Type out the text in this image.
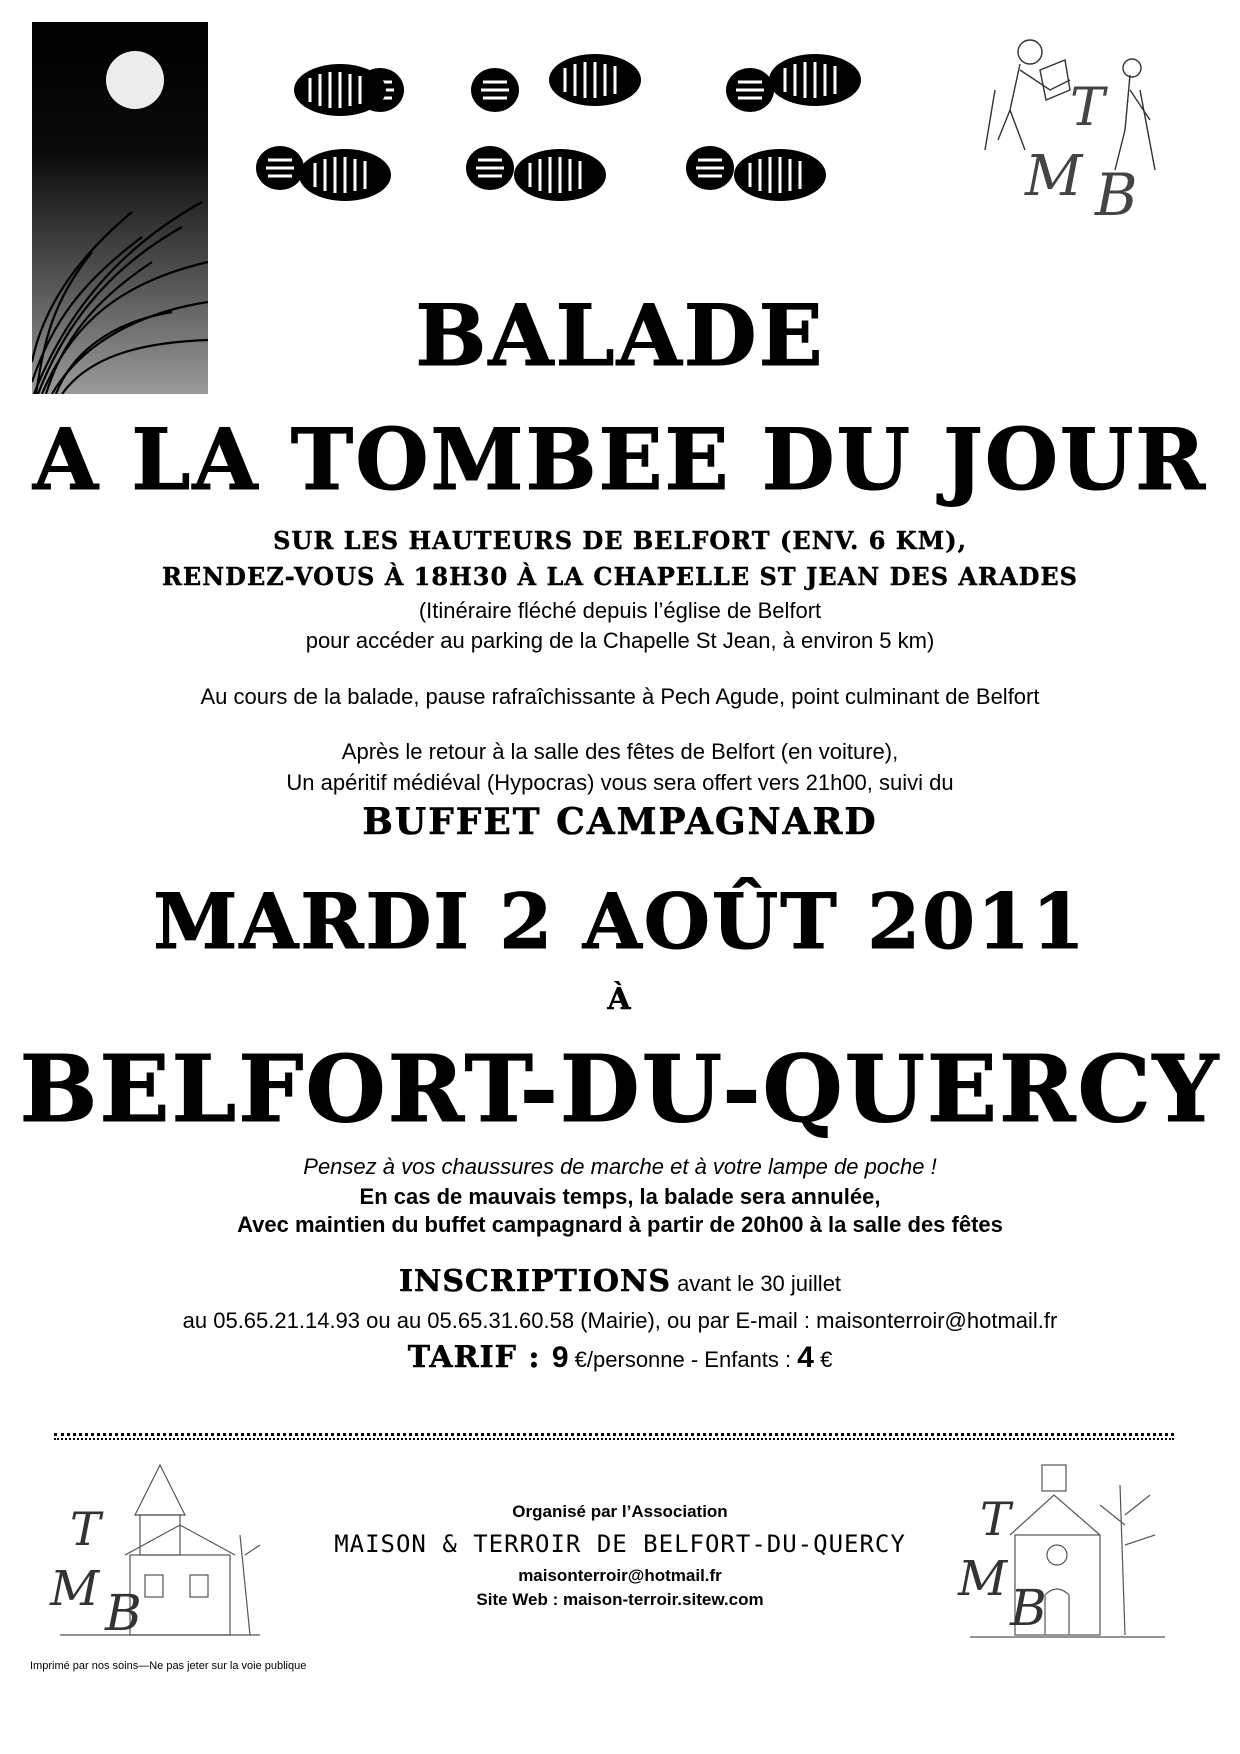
T
M B
BALADE
A LA TOMBEE DU JOUR
SUR LES HAUTEURS DE BELFORT (ENV. 6 KM),
RENDEZ-VOUS À 18H30 À LA CHAPELLE ST JEAN DES ARADES
(Itinéraire fléché depuis l’église de Belfort
pour accéder au parking de la Chapelle St Jean, à environ 5 km)
Au cours de la balade, pause rafraîchissante à Pech Agude, point culminant de Belfort
Après le retour à la salle des fêtes de Belfort (en voiture),
Un apéritif médiéval (Hypocras) vous sera offert vers 21h00, suivi du
BUFFET CAMPAGNARD
MARDI 2 AOÛT 2011
À
BELFORT-DU-QUERCY
Pensez à vos chaussures de marche et à votre lampe de poche !
En cas de mauvais temps, la balade sera annulée,
Avec maintien du buffet campagnard à partir de 20h00 à la salle des fêtes
INSCRIPTIONS avant le 30 juillet
au 05.65.21.14.93 ou au 05.65.31.60.58 (Mairie), ou par E-mail : maisonterroir@hotmail.fr
TARIF : 9 €/personne - Enfants : 4 €
T
M B
T
M B
Organisé par l’Association
MAISON & TERROIR DE BELFORT-DU-QUERCY
maisonterroir@hotmail.fr
Site Web : maison-terroir.sitew.com
Imprimé par nos soins—Ne pas jeter sur la voie publique
